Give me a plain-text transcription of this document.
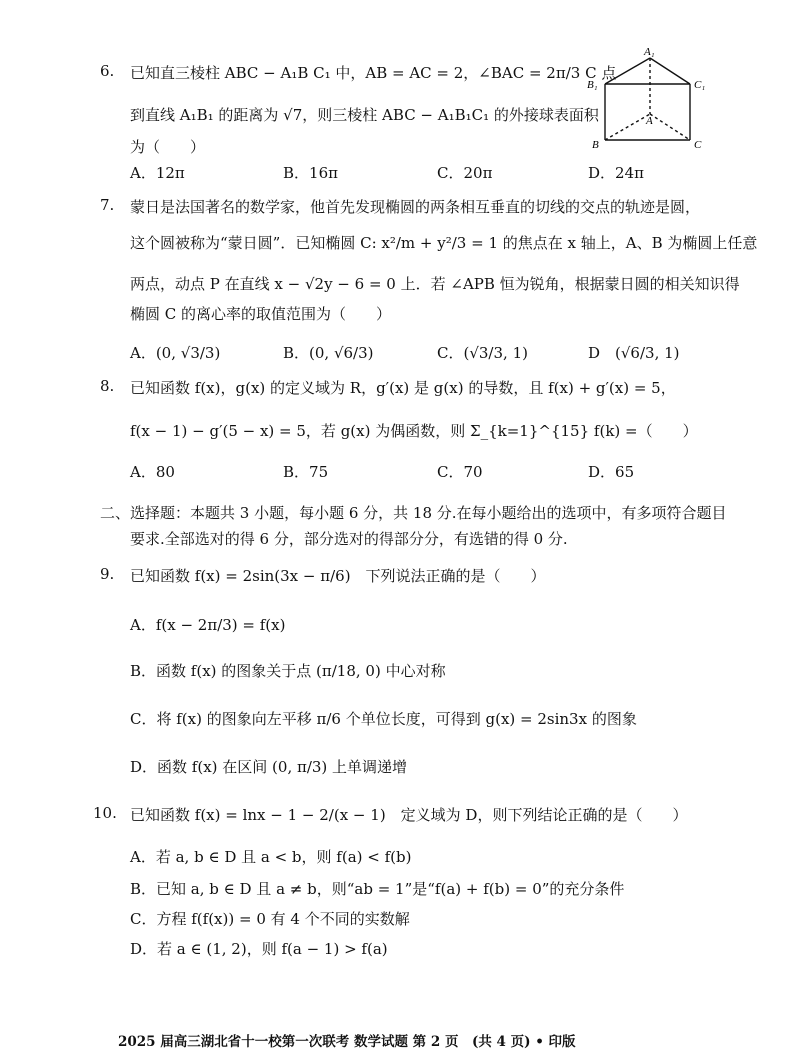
6. 已知直三棱柱 ABC − A₁B C₁ 中，AB = AC = 2，∠BAC = 2π/3 C 点
到直线 A₁B₁ 的距离为 √7，则三棱柱 ABC − A₁B₁C₁ 的外接球表面积
为（　　）
A．12π	B．16π	C．20π	D．24π
A₁
B₁	C₁
A
B	C
7. 蒙日是法国著名的数学家，他首先发现椭圆的两条相互垂直的切线的交点的轨迹是圆，
这个圆被称为“蒙日圆”．已知椭圆 C: x²/m + y²/3 = 1 的焦点在 x 轴上，A、B 为椭圆上任意
两点，动点 P 在直线 x − √2y − 6 = 0 上．若 ∠APB 恒为锐角，根据蒙日圆的相关知识得
椭圆 C 的离心率的取值范围为（　　）
A．(0, √3/3)	B．(0, √6/3)	C．(√3/3, 1)	D　(√6/3, 1)
8. 已知函数 f(x)，g(x) 的定义域为 R，g′(x) 是 g(x) 的导数，且 f(x) + g′(x) = 5，
f(x − 1) − g′(5 − x) = 5，若 g(x) 为偶函数，则 Σ_{k=1}^{15} f(k) =（　　）
A．80	B．75	C．70	D．65
二、选择题：本题共 3 小题，每小题 6 分，共 18 分.在每小题给出的选项中，有多项符合题目
要求.全部选对的得 6 分，部分选对的得部分分，有选错的得 0 分.
9. 已知函数 f(x) = 2sin(3x − π/6)　下列说法正确的是（　　）
A．f(x − 2π/3) = f(x)
B．函数 f(x) 的图象关于点 (π/18, 0) 中心对称
C．将 f(x) 的图象向左平移 π/6 个单位长度，可得到 g(x) = 2sin3x 的图象
D．函数 f(x) 在区间 (0, π/3) 上单调递增
10. 已知函数 f(x) = lnx − 1 − 2/(x − 1)　定义域为 D，则下列结论正确的是（　　）
A．若 a, b ∈ D 且 a < b，则 f(a) < f(b)
B．已知 a, b ∈ D 且 a ≠ b，则“ab = 1”是“f(a) + f(b) = 0”的充分条件
C．方程 f(f(x)) = 0 有 4 个不同的实数解
D．若 a ∈ (1, 2)，则 f(a − 1) > f(a)
2025 届高三湖北省十一校第一次联考 数学试题 第 2 页　(共 4 页) • 印版
